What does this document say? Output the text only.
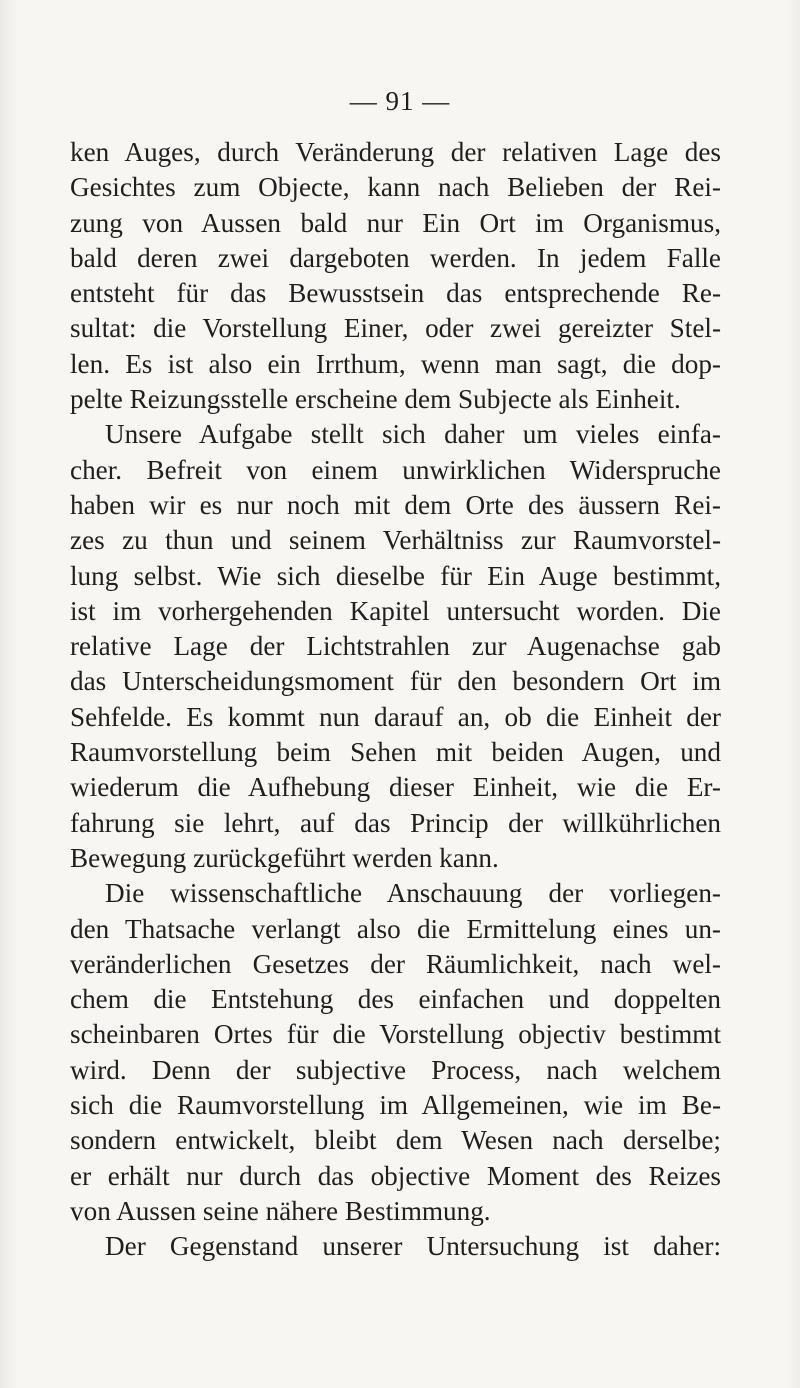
— 91 —
ken Auges, durch Veränderung der relativen Lage des
Gesichtes zum Objecte, kann nach Belieben der Rei-
zung von Aussen bald nur Ein Ort im Organismus,
bald deren zwei dargeboten werden. In jedem Falle
entsteht für das Bewusstsein das entsprechende Re-
sultat: die Vorstellung Einer, oder zwei gereizter Stel-
len. Es ist also ein Irrthum, wenn man sagt, die dop-
pelte Reizungsstelle erscheine dem Subjecte als Einheit.
Unsere Aufgabe stellt sich daher um vieles einfa-
cher. Befreit von einem unwirklichen Widerspruche
haben wir es nur noch mit dem Orte des äussern Rei-
zes zu thun und seinem Verhältniss zur Raumvorstel-
lung selbst. Wie sich dieselbe für Ein Auge bestimmt,
ist im vorhergehenden Kapitel untersucht worden. Die
relative Lage der Lichtstrahlen zur Augenachse gab
das Unterscheidungsmoment für den besondern Ort im
Sehfelde. Es kommt nun darauf an, ob die Einheit der
Raumvorstellung beim Sehen mit beiden Augen, und
wiederum die Aufhebung dieser Einheit, wie die Er-
fahrung sie lehrt, auf das Princip der willkührlichen
Bewegung zurückgeführt werden kann.
Die wissenschaftliche Anschauung der vorliegen-
den Thatsache verlangt also die Ermittelung eines un-
veränderlichen Gesetzes der Räumlichkeit, nach wel-
chem die Entstehung des einfachen und doppelten
scheinbaren Ortes für die Vorstellung objectiv bestimmt
wird. Denn der subjective Process, nach welchem
sich die Raumvorstellung im Allgemeinen, wie im Be-
sondern entwickelt, bleibt dem Wesen nach derselbe;
er erhält nur durch das objective Moment des Reizes
von Aussen seine nähere Bestimmung.
Der Gegenstand unserer Untersuchung ist daher:
